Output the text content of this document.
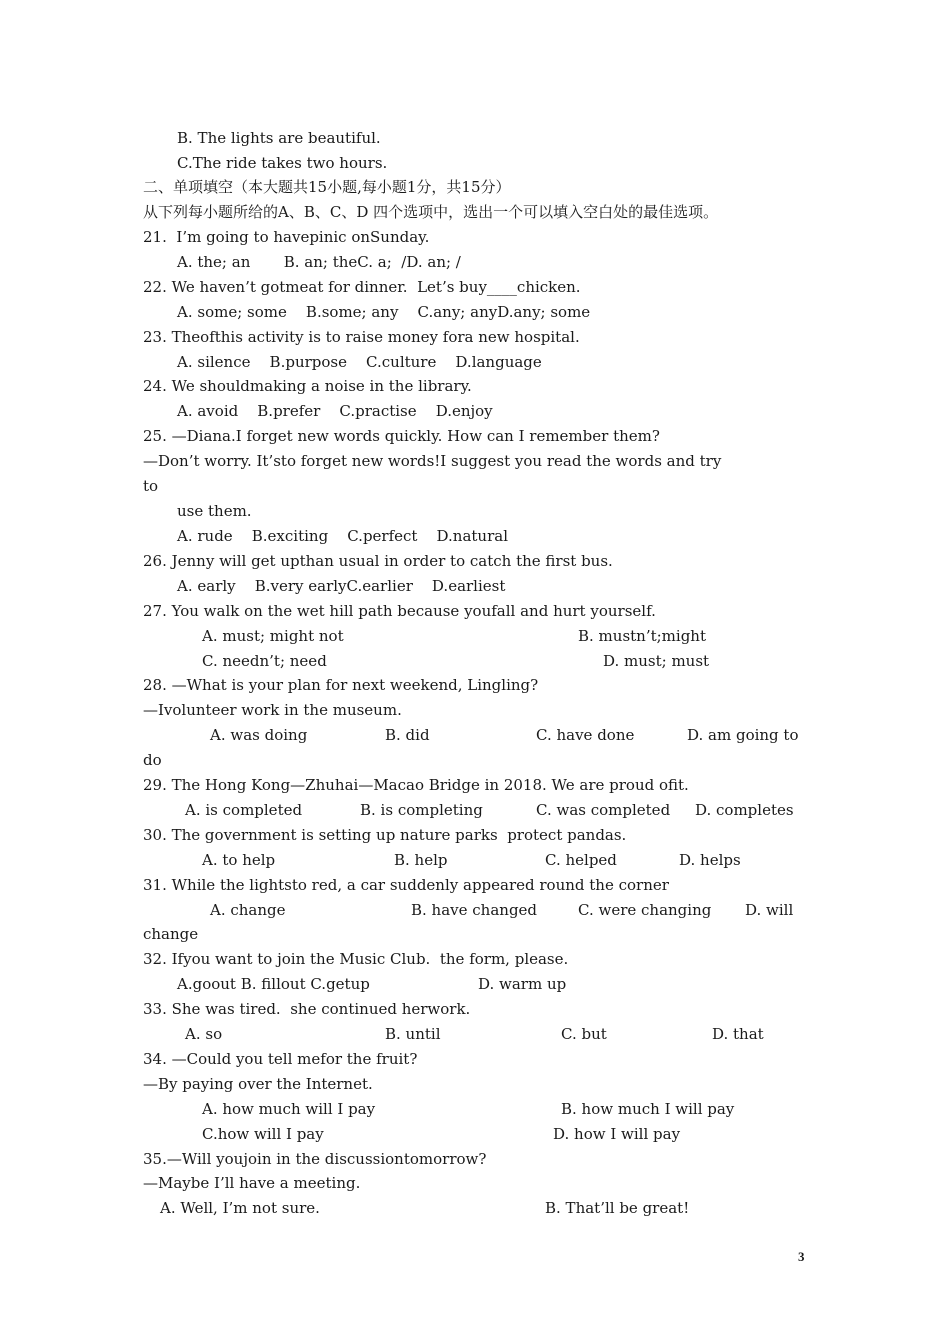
B. The lights are beautiful.
C.The ride takes two hours.
二、单项填空（本大题共15小题,每小题1分，共15分）
从下列每小题所给的A、B、C、D 四个选项中，选出一个可以填入空白处的最佳选项。
21.  I’m going to havepinic onSunday.
A. the; an       B. an; theC. a;  /D. an; /
22. We haven’t gotmeat for dinner.  Let’s buy____chicken.
A. some; some    B.some; any    C.any; anyD.any; some
23. Theofthis activity is to raise money fora new hospital.
A. silence    B.purpose    C.culture    D.language
24. We shouldmaking a noise in the library.
A. avoid    B.prefer    C.practise    D.enjoy
25. —Diana.I forget new words quickly. How can I remember them?
—Don’t worry. It’sto forget new words!I suggest you read the words and try
to
use them.
A. rude    B.exciting    C.perfect    D.natural
26. Jenny will get upthan usual in order to catch the first bus.
A. early    B.very earlyC.earlier    D.earliest
27. You walk on the wet hill path because youfall and hurt yourself.
A. must; might not	B. mustn’t;might
C. needn’t; need	D. must; must
28. —What is your plan for next weekend, Lingling?
—Ivolunteer work in the museum.
A. was doing	B. did	C. have done	D. am going to
do
29. The Hong Kong—Zhuhai—Macao Bridge in 2018. We are proud ofit.
A. is completed	B. is completing	C. was completed D. completes
30. The government is setting up nature parks  protect pandas.
A. to help	B. help	C. helped	D. helps
31. While the lightsto red, a car suddenly appeared round the corner
A. change	B. have changed	C. were changing D. will
change
32. Ifyou want to join the Music Club.  the form, please.
A.goout B. fillout C.getup	D. warm up
33. She was tired.  she continued herwork.
A. so	B. until	C. but	D. that
34. —Could you tell mefor the fruit?
—By paying over the Internet.
A. how much will I pay	B. how much I will pay
C.how will I pay	D. how I will pay
35.—Will youjoin in the discussiontomorrow?
—Maybe I’ll have a meeting.
A. Well, I’m not sure.	B. That’ll be great!
3
